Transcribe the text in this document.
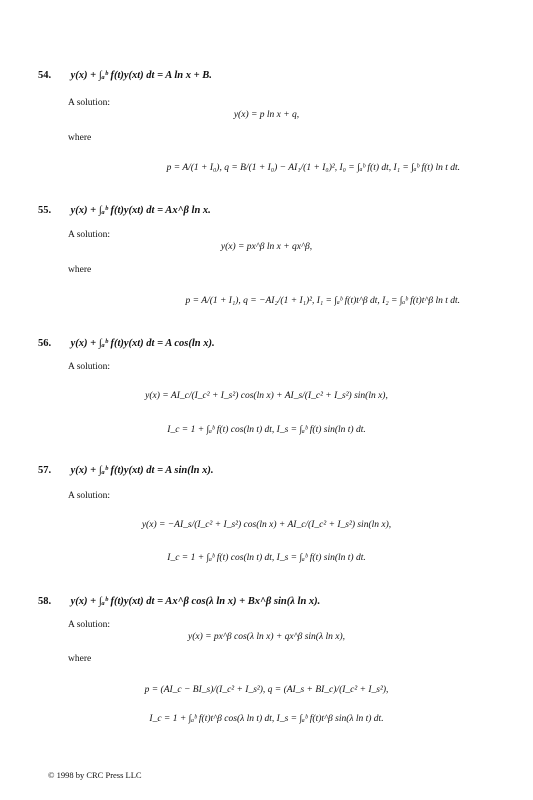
54. y(x) + ∫ₐᵇ f(t)y(xt) dt = A ln x + B.
A solution:
y(x) = p ln x + q,
where
p = A/(1 + I₀), q = B/(1 + I₀) − AI₁/(1 + I₀)², I₀ = ∫ₐᵇ f(t) dt, I₁ = ∫ₐᵇ f(t) ln t dt.
55. y(x) + ∫ₐᵇ f(t)y(xt) dt = Ax^β ln x.
A solution:
y(x) = px^β ln x + qx^β,
where
p = A/(1 + I₁), q = −AI₂/(1 + I₁)², I₁ = ∫ₐᵇ f(t)t^β dt, I₂ = ∫ₐᵇ f(t)t^β ln t dt.
56. y(x) + ∫ₐᵇ f(t)y(xt) dt = A cos(ln x).
A solution:
y(x) = AI_c/(I_c² + I_s²) cos(ln x) + AI_s/(I_c² + I_s²) sin(ln x),
I_c = 1 + ∫ₐᵇ f(t) cos(ln t) dt, I_s = ∫ₐᵇ f(t) sin(ln t) dt.
57. y(x) + ∫ₐᵇ f(t)y(xt) dt = A sin(ln x).
A solution:
y(x) = −AI_s/(I_c² + I_s²) cos(ln x) + AI_c/(I_c² + I_s²) sin(ln x),
I_c = 1 + ∫ₐᵇ f(t) cos(ln t) dt, I_s = ∫ₐᵇ f(t) sin(ln t) dt.
58. y(x) + ∫ₐᵇ f(t)y(xt) dt = Ax^β cos(λ ln x) + Bx^β sin(λ ln x).
A solution:
y(x) = px^β cos(λ ln x) + qx^β sin(λ ln x),
where
p = (AI_c − BI_s)/(I_c² + I_s²), q = (AI_s + BI_c)/(I_c² + I_s²),
I_c = 1 + ∫ₐᵇ f(t)t^β cos(λ ln t) dt, I_s = ∫ₐᵇ f(t)t^β sin(λ ln t) dt.
© 1998 by CRC Press LLC
